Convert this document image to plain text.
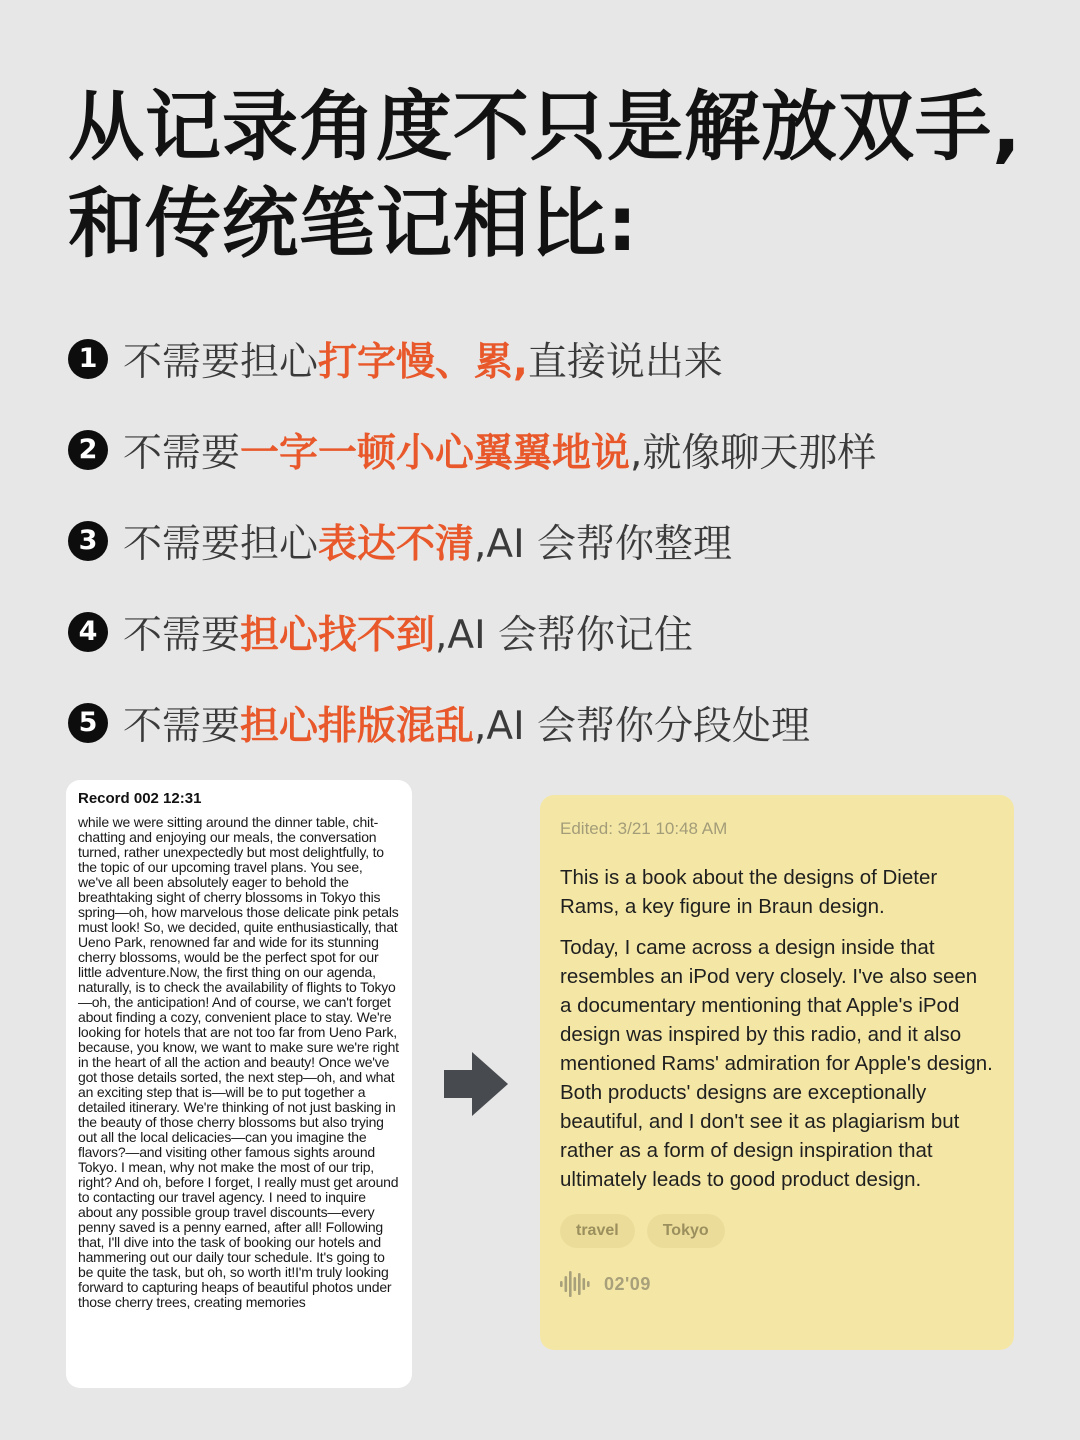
从记录角度不只是解放双手,
和传统笔记相比:
1 不需要担心 打字慢、累, 直接说出来
2 不需要 一字一顿小心翼翼地说 ,就像聊天那样
3 不需要担心 表达不清 ,AI 会帮你整理
4 不需要 担心找不到 ,AI 会帮你记住
5 不需要 担心排版混乱 ,AI 会帮你分段处理

Record 002 12:31

while we were sitting around the dinner table, chit-chatting and enjoying our meals, the conversation turned, rather unexpectedly but most delightfully, to the topic of our upcoming travel plans. You see, we've all been absolutely eager to behold the breathtaking sight of cherry blossoms in Tokyo this spring—oh, how marvelous those delicate pink petals must look! So, we decided, quite enthusiastically, that Ueno Park, renowned far and wide for its stunning cherry blossoms, would be the perfect spot for our little adventure.Now, the first thing on our agenda, naturally, is to check the availability of flights to Tokyo—oh, the anticipation! And of course, we can't forget about finding a cozy, convenient place to stay. We're looking for hotels that are not too far from Ueno Park, because, you know, we want to make sure we're right in the heart of all the action and beauty! Once we've got those details sorted, the next step—oh, and what an exciting step that is—will be to put together a detailed itinerary. We're thinking of not just basking in the beauty of those cherry blossoms but also trying out all the local delicacies—can you imagine the flavors?—and visiting other famous sights around Tokyo. I mean, why not make the most of our trip, right? And oh, before I forget, I really must get around to contacting our travel agency. I need to inquire about any possible group travel discounts—every penny saved is a penny earned, after all! Following that, I'll dive into the task of booking our hotels and hammering out our daily tour schedule. It's going to be quite the task, but oh, so worth it!I'm truly looking forward to capturing heaps of beautiful photos under those cherry trees, creating memories

Edited: 3/21 10:48 AM

This is a book about the designs of Dieter Rams, a key figure in Braun design.

Today, I came across a design inside that resembles an iPod very closely. I've also seen a documentary mentioning that Apple's iPod design was inspired by this radio, and it also mentioned Rams' admiration for Apple's design. Both products' designs are exceptionally beautiful, and I don't see it as plagiarism but rather as a form of design inspiration that ultimately leads to good product design.

travel	Tokyo
02'09
